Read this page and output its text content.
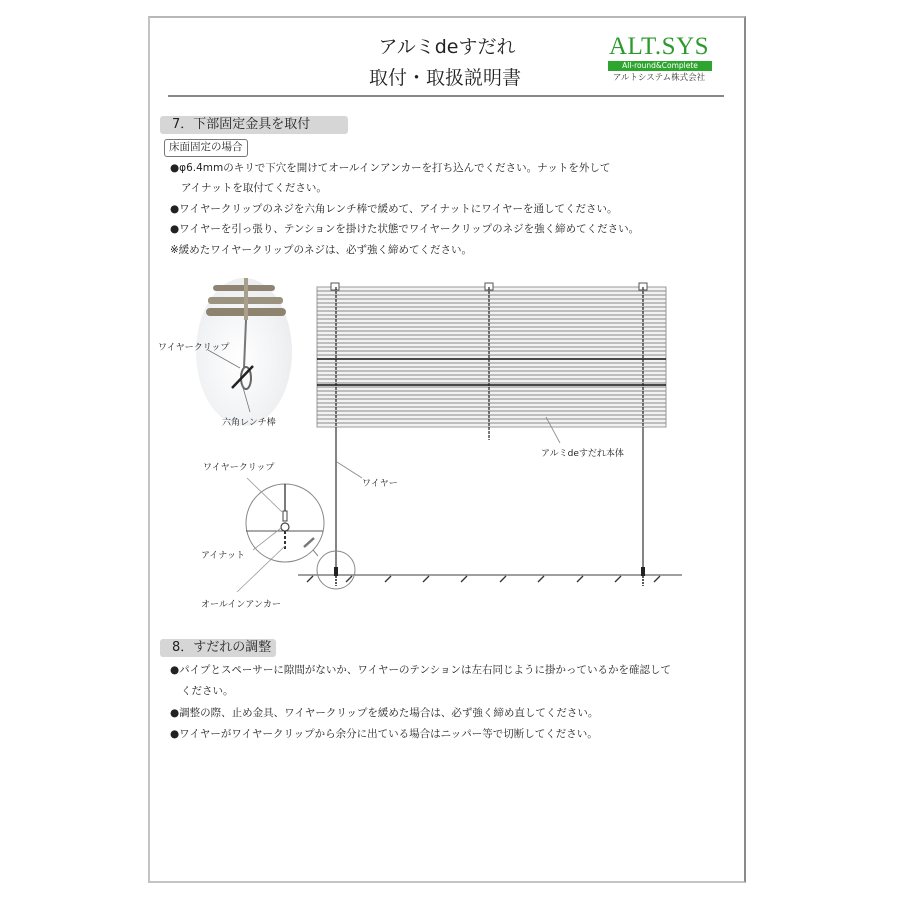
アルミdeすだれ
取付・取扱説明書
ALT.SYS
All-round&Complete
アルトシステム株式会社
7．下部固定金具を取付
床面固定の場合
●φ6.4mmのキリで下穴を開けてオールインアンカーを打ち込んでください。ナットを外して
アイナットを取付てください。
●ワイヤークリップのネジを六角レンチ棒で緩めて、アイナットにワイヤーを通してください。
●ワイヤーを引っ張り、テンションを掛けた状態でワイヤークリップのネジを強く締めてください。
※緩めたワイヤークリップのネジは、必ず強く締めてください。
ワイヤークリップ
六角レンチ棒
アルミdeすだれ本体
ワイヤー
ワイヤークリップ
アイナット
オールインアンカー
8．すだれの調整
●パイプとスペーサーに隙間がないか、ワイヤーのテンションは左右同じように掛かっているかを確認して
ください。
●調整の際、止め金具、ワイヤークリップを緩めた場合は、必ず強く締め直してください。
●ワイヤーがワイヤークリップから余分に出ている場合はニッパー等で切断してください。
